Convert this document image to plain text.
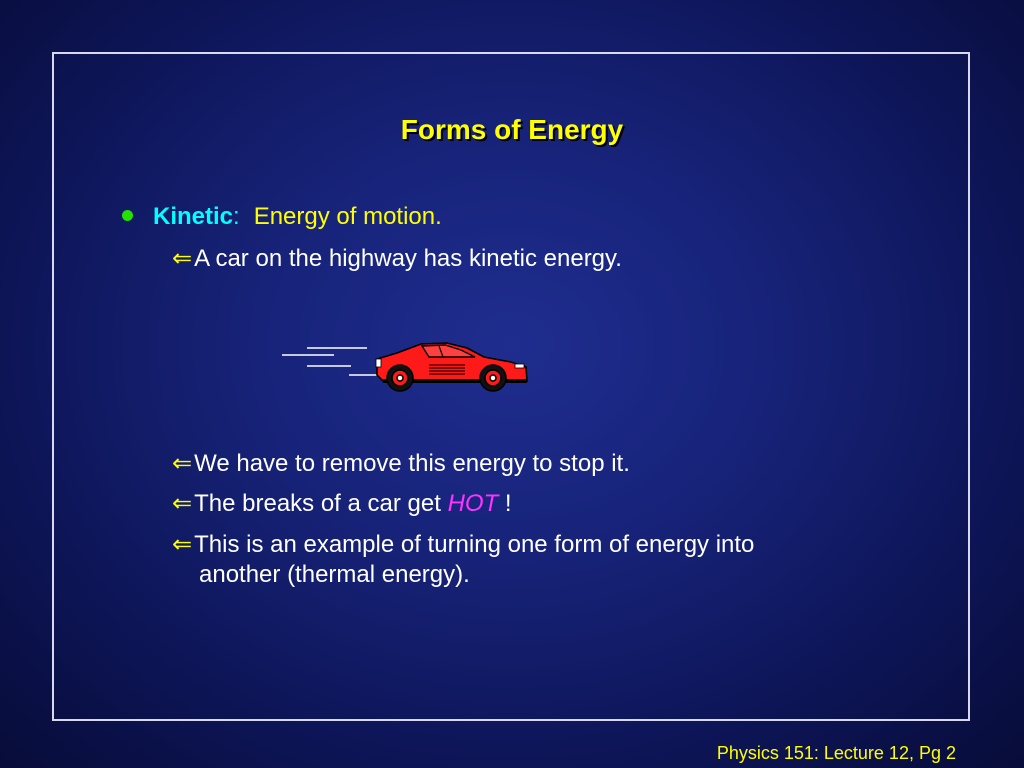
Forms of Energy
Kinetic: Energy of motion.
⇐A car on the highway has kinetic energy.
⇐We have to remove this energy to stop it.
⇐The breaks of a car get HOT !
⇐This is an example of turning one form of energy into
another (thermal energy).
Physics 151: Lecture 12, Pg 2
